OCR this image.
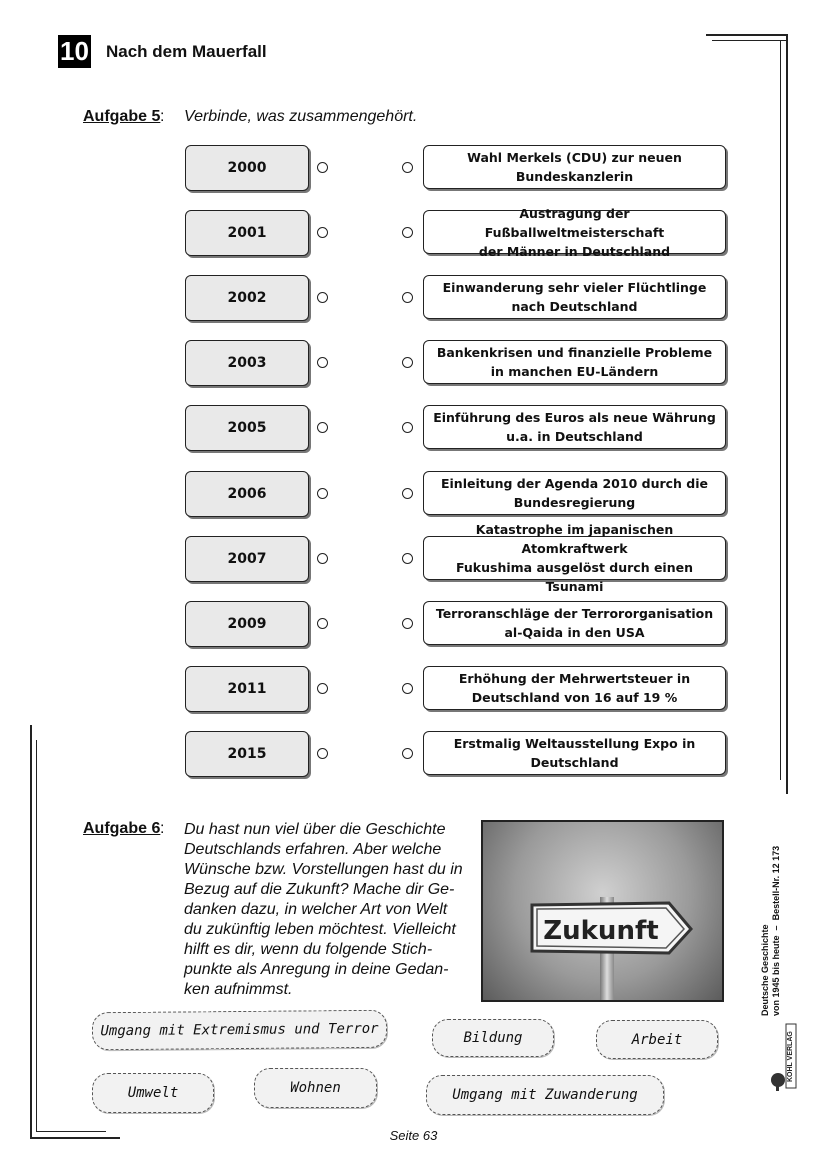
10 Nach dem Mauerfall
Aufgabe 5 : Verbinde, was zusammengehört.
2000
Wahl Merkels (CDU) zur neuen
Bundeskanzlerin
2001
Austragung der Fußballweltmeisterschaft
der Männer in Deutschland
2002
Einwanderung sehr vieler Flüchtlinge
nach Deutschland
2003
Bankenkrisen und finanzielle Probleme
in manchen EU-Ländern
2005
Einführung des Euros als neue Währung
u.a. in Deutschland
2006
Einleitung der Agenda 2010 durch die
Bundesregierung
2007
Katastrophe im japanischen Atomkraftwerk
Fukushima ausgelöst durch einen Tsunami
2009
Terroranschläge der Terrororganisation
al-Qaida in den USA
2011
Erhöhung der Mehrwertsteuer in
Deutschland von 16 auf 19 %
2015
Erstmalig Weltausstellung Expo in
Deutschland
Aufgabe 6 : Du hast nun viel über die Geschichte
Deutschlands erfahren. Aber welche
Wünsche bzw. Vorstellungen hast du in
Bezug auf die Zukunft? Mache dir Ge-
danken dazu, in welcher Art von Welt
du zukünftig leben möchtest. Vielleicht
hilft es dir, wenn du folgende Stich-
punkte als Anregung in deine Gedan-
ken aufnimmst.
Zukunft
Umgang mit Extremismus und Terror	Bildung	Arbeit
Umwelt	Wohnen	Umgang mit Zuwanderung
Deutsche Geschichte von 1945 bis heute  –  Bestell-Nr. 12 173
KOHL VERLAG
Seite 63
